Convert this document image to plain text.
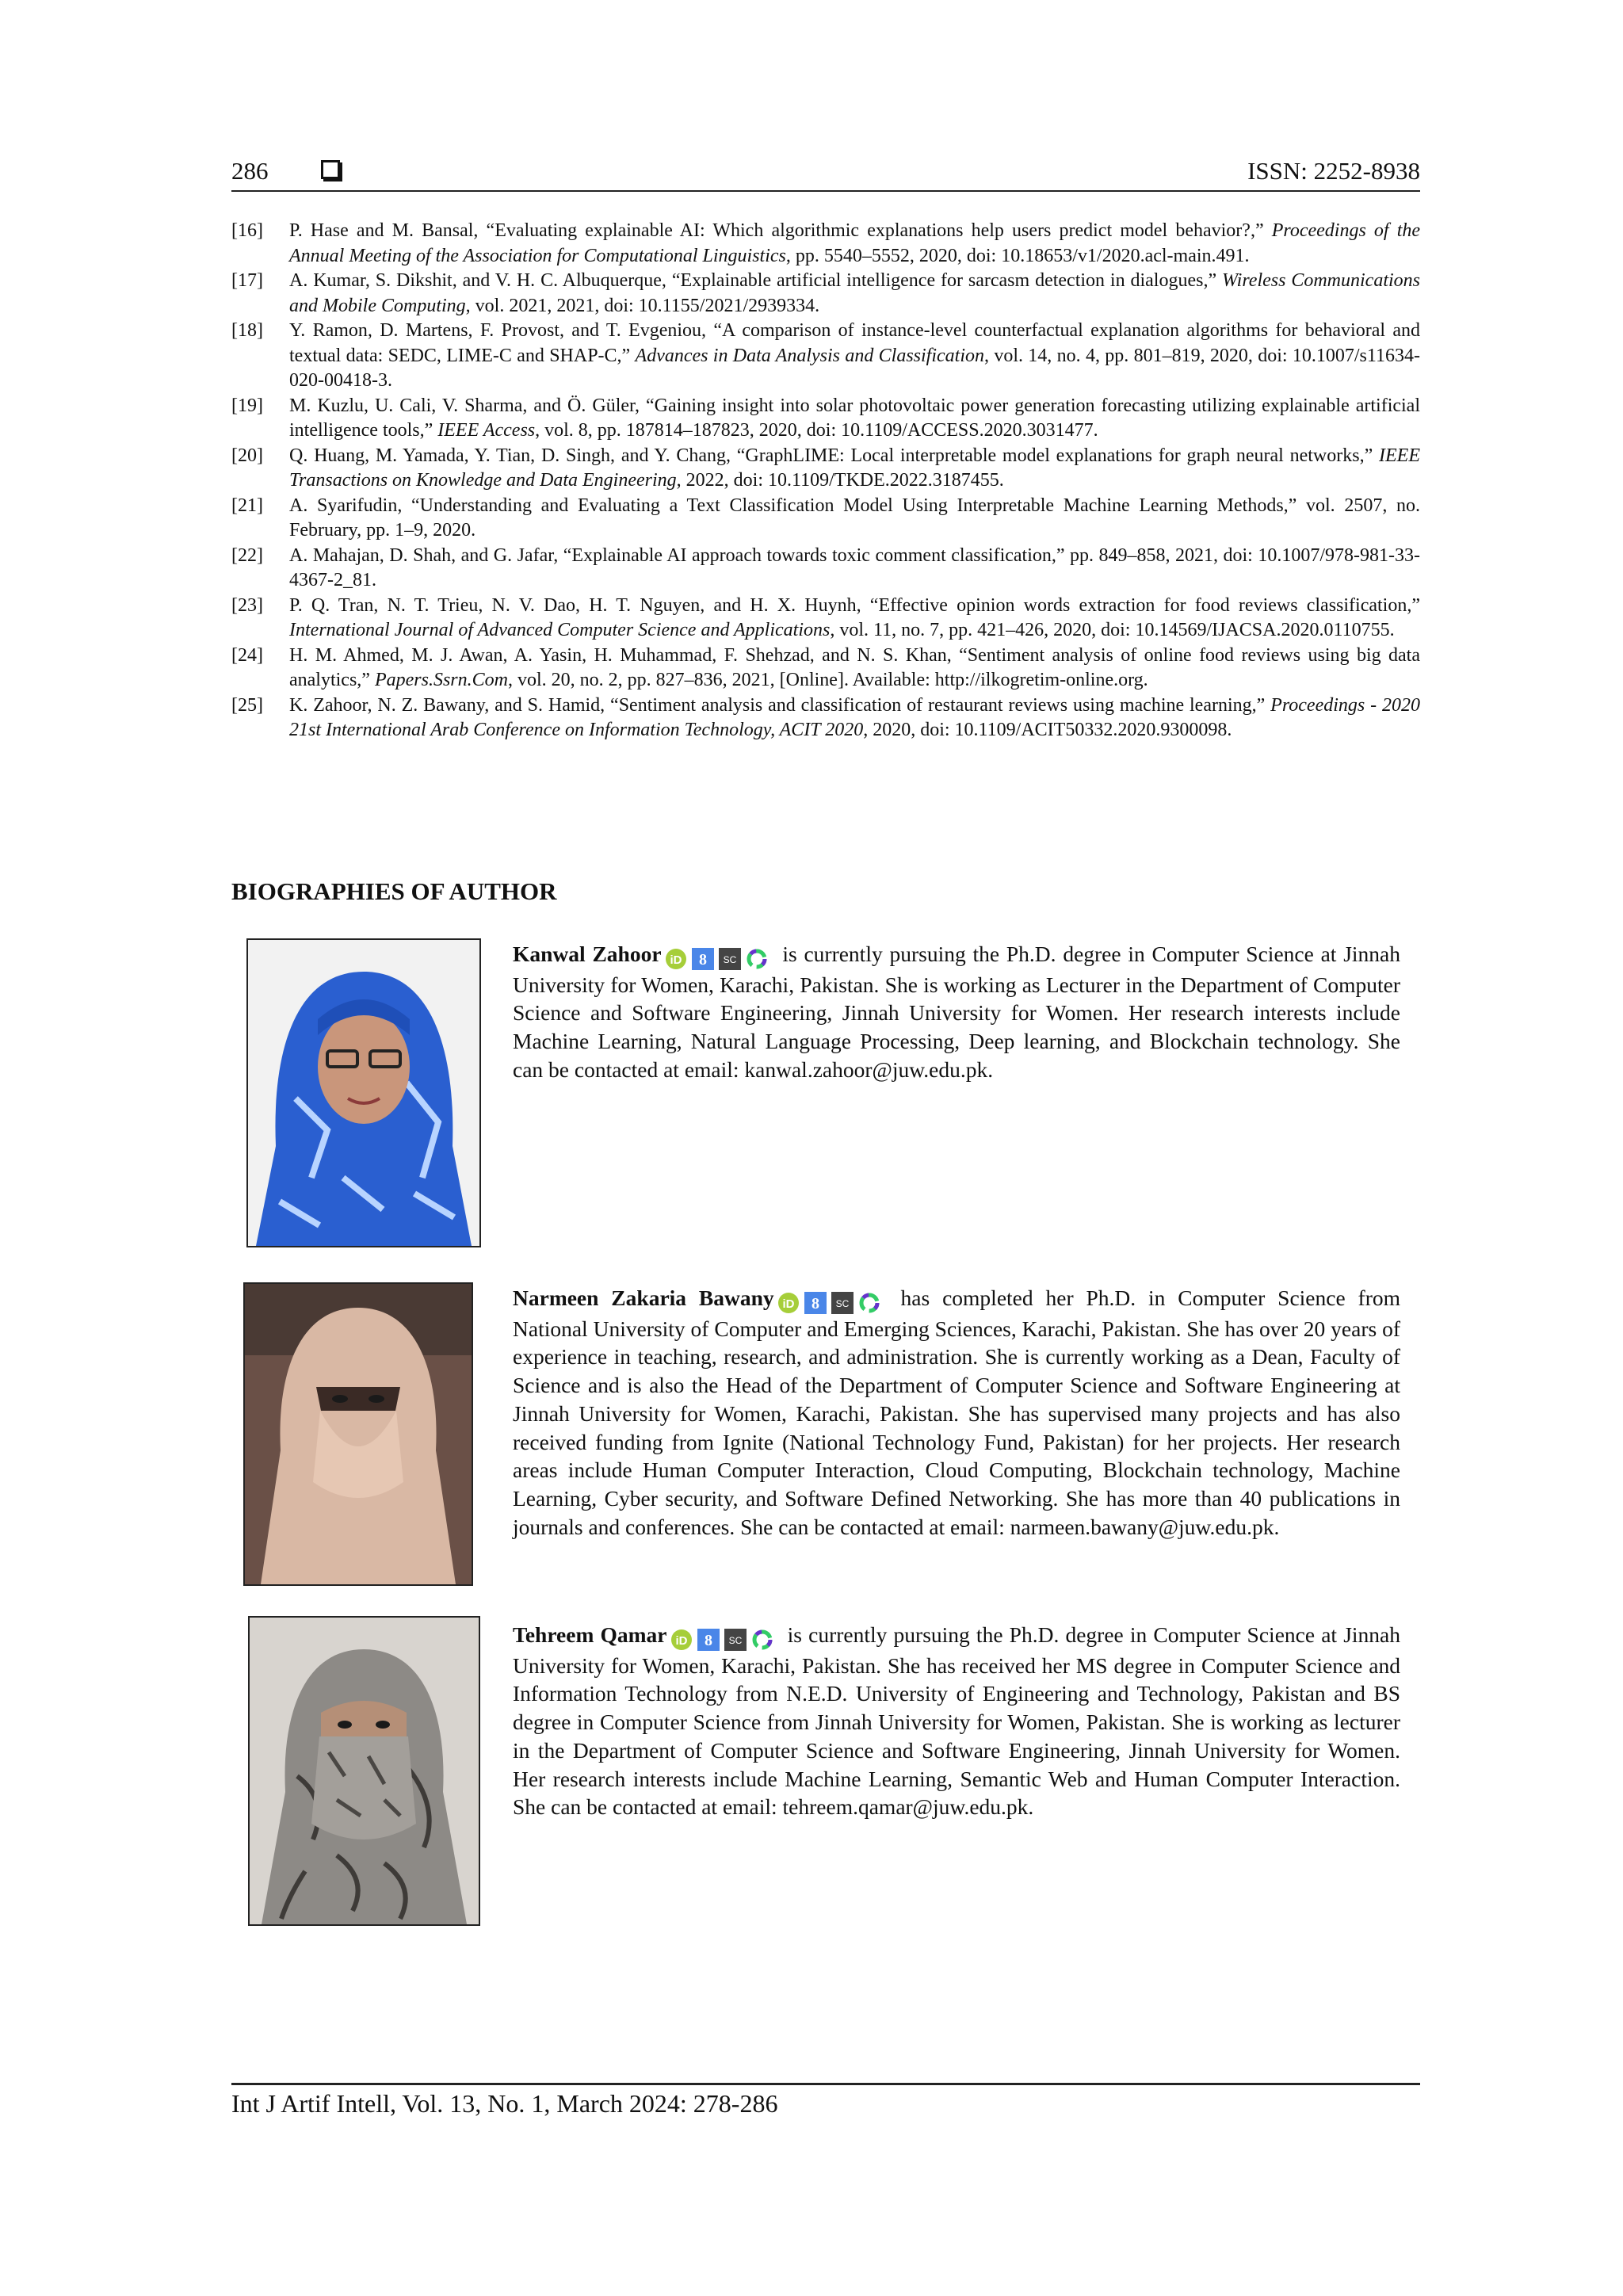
286	ISSN: 2252-8938

[16] P. Hase and M. Bansal, “Evaluating explainable AI: Which algorithmic explanations help users predict model behavior?,” Proceedings of the Annual Meeting of the Association for Computational Linguistics, pp. 5540–5552, 2020, doi: 10.18653/v1/2020.acl-main.491.

[17] A. Kumar, S. Dikshit, and V. H. C. Albuquerque, “Explainable artificial intelligence for sarcasm detection in dialogues,” Wireless Communications and Mobile Computing, vol. 2021, 2021, doi: 10.1155/2021/2939334.

[18] Y. Ramon, D. Martens, F. Provost, and T. Evgeniou, “A comparison of instance-level counterfactual explanation algorithms for behavioral and textual data: SEDC, LIME-C and SHAP-C,” Advances in Data Analysis and Classification, vol. 14, no. 4, pp. 801–819, 2020, doi: 10.1007/s11634-020-00418-3.

[19] M. Kuzlu, U. Cali, V. Sharma, and Ö. Güler, “Gaining insight into solar photovoltaic power generation forecasting utilizing explainable artificial intelligence tools,” IEEE Access, vol. 8, pp. 187814–187823, 2020, doi: 10.1109/ACCESS.2020.3031477.

[20] Q. Huang, M. Yamada, Y. Tian, D. Singh, and Y. Chang, “GraphLIME: Local interpretable model explanations for graph neural networks,” IEEE Transactions on Knowledge and Data Engineering, 2022, doi: 10.1109/TKDE.2022.3187455.

[21] A. Syarifudin, “Understanding and Evaluating a Text Classification Model Using Interpretable Machine Learning Methods,” vol. 2507, no. February, pp. 1–9, 2020.

[22] A. Mahajan, D. Shah, and G. Jafar, “Explainable AI approach towards toxic comment classification,” pp. 849–858, 2021, doi: 10.1007/978-981-33-4367-2_81.

[23] P. Q. Tran, N. T. Trieu, N. V. Dao, H. T. Nguyen, and H. X. Huynh, “Effective opinion words extraction for food reviews classification,” International Journal of Advanced Computer Science and Applications, vol. 11, no. 7, pp. 421–426, 2020, doi: 10.14569/IJACSA.2020.0110755.

[24] H. M. Ahmed, M. J. Awan, A. Yasin, H. Muhammad, F. Shehzad, and N. S. Khan, “Sentiment analysis of online food reviews using big data analytics,” Papers.Ssrn.Com, vol. 20, no. 2, pp. 827–836, 2021, [Online]. Available: http://ilkogretim-online.org.

[25] K. Zahoor, N. Z. Bawany, and S. Hamid, “Sentiment analysis and classification of restaurant reviews using machine learning,” Proceedings - 2020 21st International Arab Conference on Information Technology, ACIT 2020, 2020, doi: 10.1109/ACIT50332.2020.9300098.

BIOGRAPHIES OF AUTHOR
Kanwal Zahoor iD 8 SC is currently pursuing the Ph.D. degree in Computer Science at Jinnah University for Women, Karachi, Pakistan. She is working as Lecturer in the Department of Computer Science and Software Engineering, Jinnah University for Women. Her research interests include Machine Learning, Natural Language Processing, Deep learning, and Blockchain technology. She can be contacted at email: kanwal.zahoor@juw.edu.pk.
Narmeen Zakaria Bawany iD 8 SC has completed her Ph.D. in Computer Science from National University of Computer and Emerging Sciences, Karachi, Pakistan. She has over 20 years of experience in teaching, research, and administration. She is currently working as a Dean, Faculty of Science and is also the Head of the Department of Computer Science and Software Engineering at Jinnah University for Women, Karachi, Pakistan. She has supervised many projects and has also received funding from Ignite (National Technology Fund, Pakistan) for her projects. Her research areas include Human Computer Interaction, Cloud Computing, Blockchain technology, Machine Learning, Cyber security, and Software Defined Networking. She has more than 40 publications in journals and conferences. She can be contacted at email: narmeen.bawany@juw.edu.pk.
Tehreem Qamar iD 8 SC is currently pursuing the Ph.D. degree in Computer Science at Jinnah University for Women, Karachi, Pakistan. She has received her MS degree in Computer Science and Information Technology from N.E.D. University of Engineering and Technology, Pakistan and BS degree in Computer Science from Jinnah University for Women, Pakistan. She is working as lecturer in the Department of Computer Science and Software Engineering, Jinnah University for Women. Her research interests include Machine Learning, Semantic Web and Human Computer Interaction. She can be contacted at email: tehreem.qamar@juw.edu.pk.
Int J Artif Intell, Vol. 13, No. 1, March 2024: 278-286
